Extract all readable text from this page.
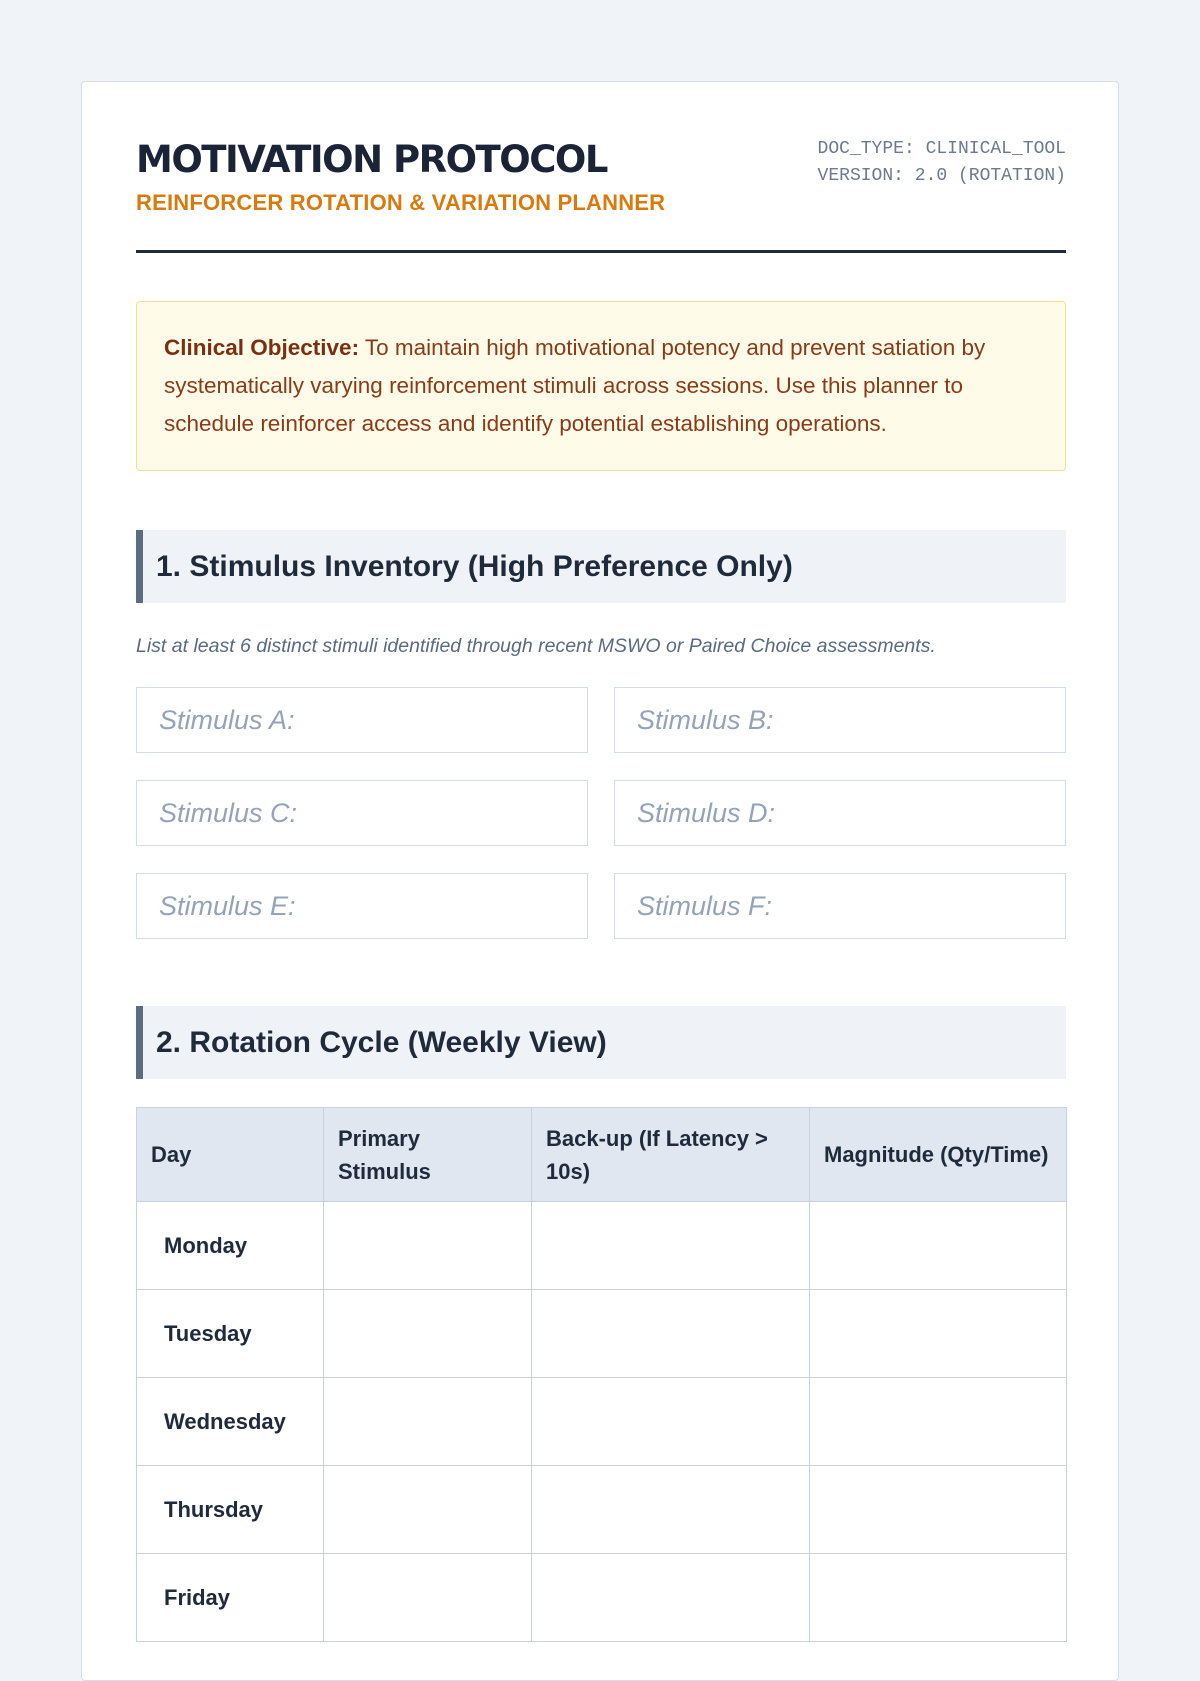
MOTIVATION PROTOCOL
REINFORCER ROTATION & VARIATION PLANNER
DOC_TYPE: CLINICAL_TOOL
VERSION: 2.0 (ROTATION)
Clinical Objective: To maintain high motivational potency and prevent satiation by systematically varying reinforcement stimuli across sessions. Use this planner to schedule reinforcer access and identify potential establishing operations.
1. Stimulus Inventory (High Preference Only)
List at least 6 distinct stimuli identified through recent MSWO or Paired Choice assessments.
Stimulus A:
Stimulus B:
Stimulus C:
Stimulus D:
Stimulus E:
Stimulus F:
2. Rotation Cycle (Weekly View)
Day	Primary Stimulus	Back-up (If Latency > 10s)	Magnitude (Qty/Time)
Monday			
Tuesday			
Wednesday			
Thursday			
Friday			
